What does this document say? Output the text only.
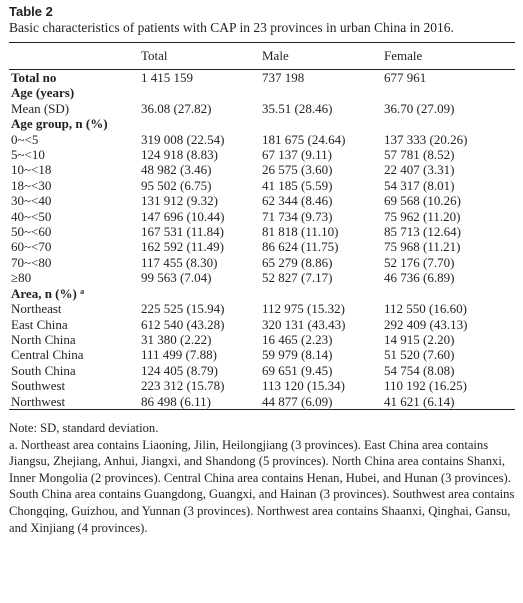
Table 2
Basic characteristics of patients with CAP in 23 provinces in urban China in 2016.
	Total	Male	Female
Total no	1 415 159	737 198	677 961
Age (years)			
Mean (SD)	36.08 (27.82)	35.51 (28.46)	36.70 (27.09)
Age group, n (%)			
0~<5	319 008 (22.54)	181 675 (24.64)	137 333 (20.26)
5~<10	124 918 (8.83)	67 137 (9.11)	57 781 (8.52)
10~<18	48 982 (3.46)	26 575 (3.60)	22 407 (3.31)
18~<30	95 502 (6.75)	41 185 (5.59)	54 317 (8.01)
30~<40	131 912 (9.32)	62 344 (8.46)	69 568 (10.26)
40~<50	147 696 (10.44)	71 734 (9.73)	75 962 (11.20)
50~<60	167 531 (11.84)	81 818 (11.10)	85 713 (12.64)
60~<70	162 592 (11.49)	86 624 (11.75)	75 968 (11.21)
70~<80	117 455 (8.30)	65 279 (8.86)	52 176 (7.70)
≥80	99 563 (7.04)	52 827 (7.17)	46 736 (6.89)
Area, n (%) $^a$			
Northeast	225 525 (15.94)	112 975 (15.32)	112 550 (16.60)
East China	612 540 (43.28)	320 131 (43.43)	292 409 (43.13)
North China	31 380 (2.22)	16 465 (2.23)	14 915 (2.20)
Central China	111 499 (7.88)	59 979 (8.14)	51 520 (7.60)
South China	124 405 (8.79)	69 651 (9.45)	54 754 (8.08)
Southwest	223 312 (15.78)	113 120 (15.34)	110 192 (16.25)
Northwest	86 498 (6.11)	44 877 (6.09)	41 621 (6.14)

Note: SD, standard deviation.

a. Northeast area contains Liaoning, Jilin, Heilongjiang (3 provinces). East China area contains Jiangsu, Zhejiang, Anhui, Jiangxi, and Shandong (5 provinces). North China area contains Shanxi, Inner Mongolia (2 provinces). Central China area contains Henan, Hubei, and Hunan (3 provinces). South China area contains Guangdong, Guangxi, and Hainan (3 provinces). Southwest area contains Chongqing, Guizhou, and Yunnan (3 provinces). Northwest area contains Shaanxi, Qinghai, Gansu, and Xinjiang (4 provinces).
